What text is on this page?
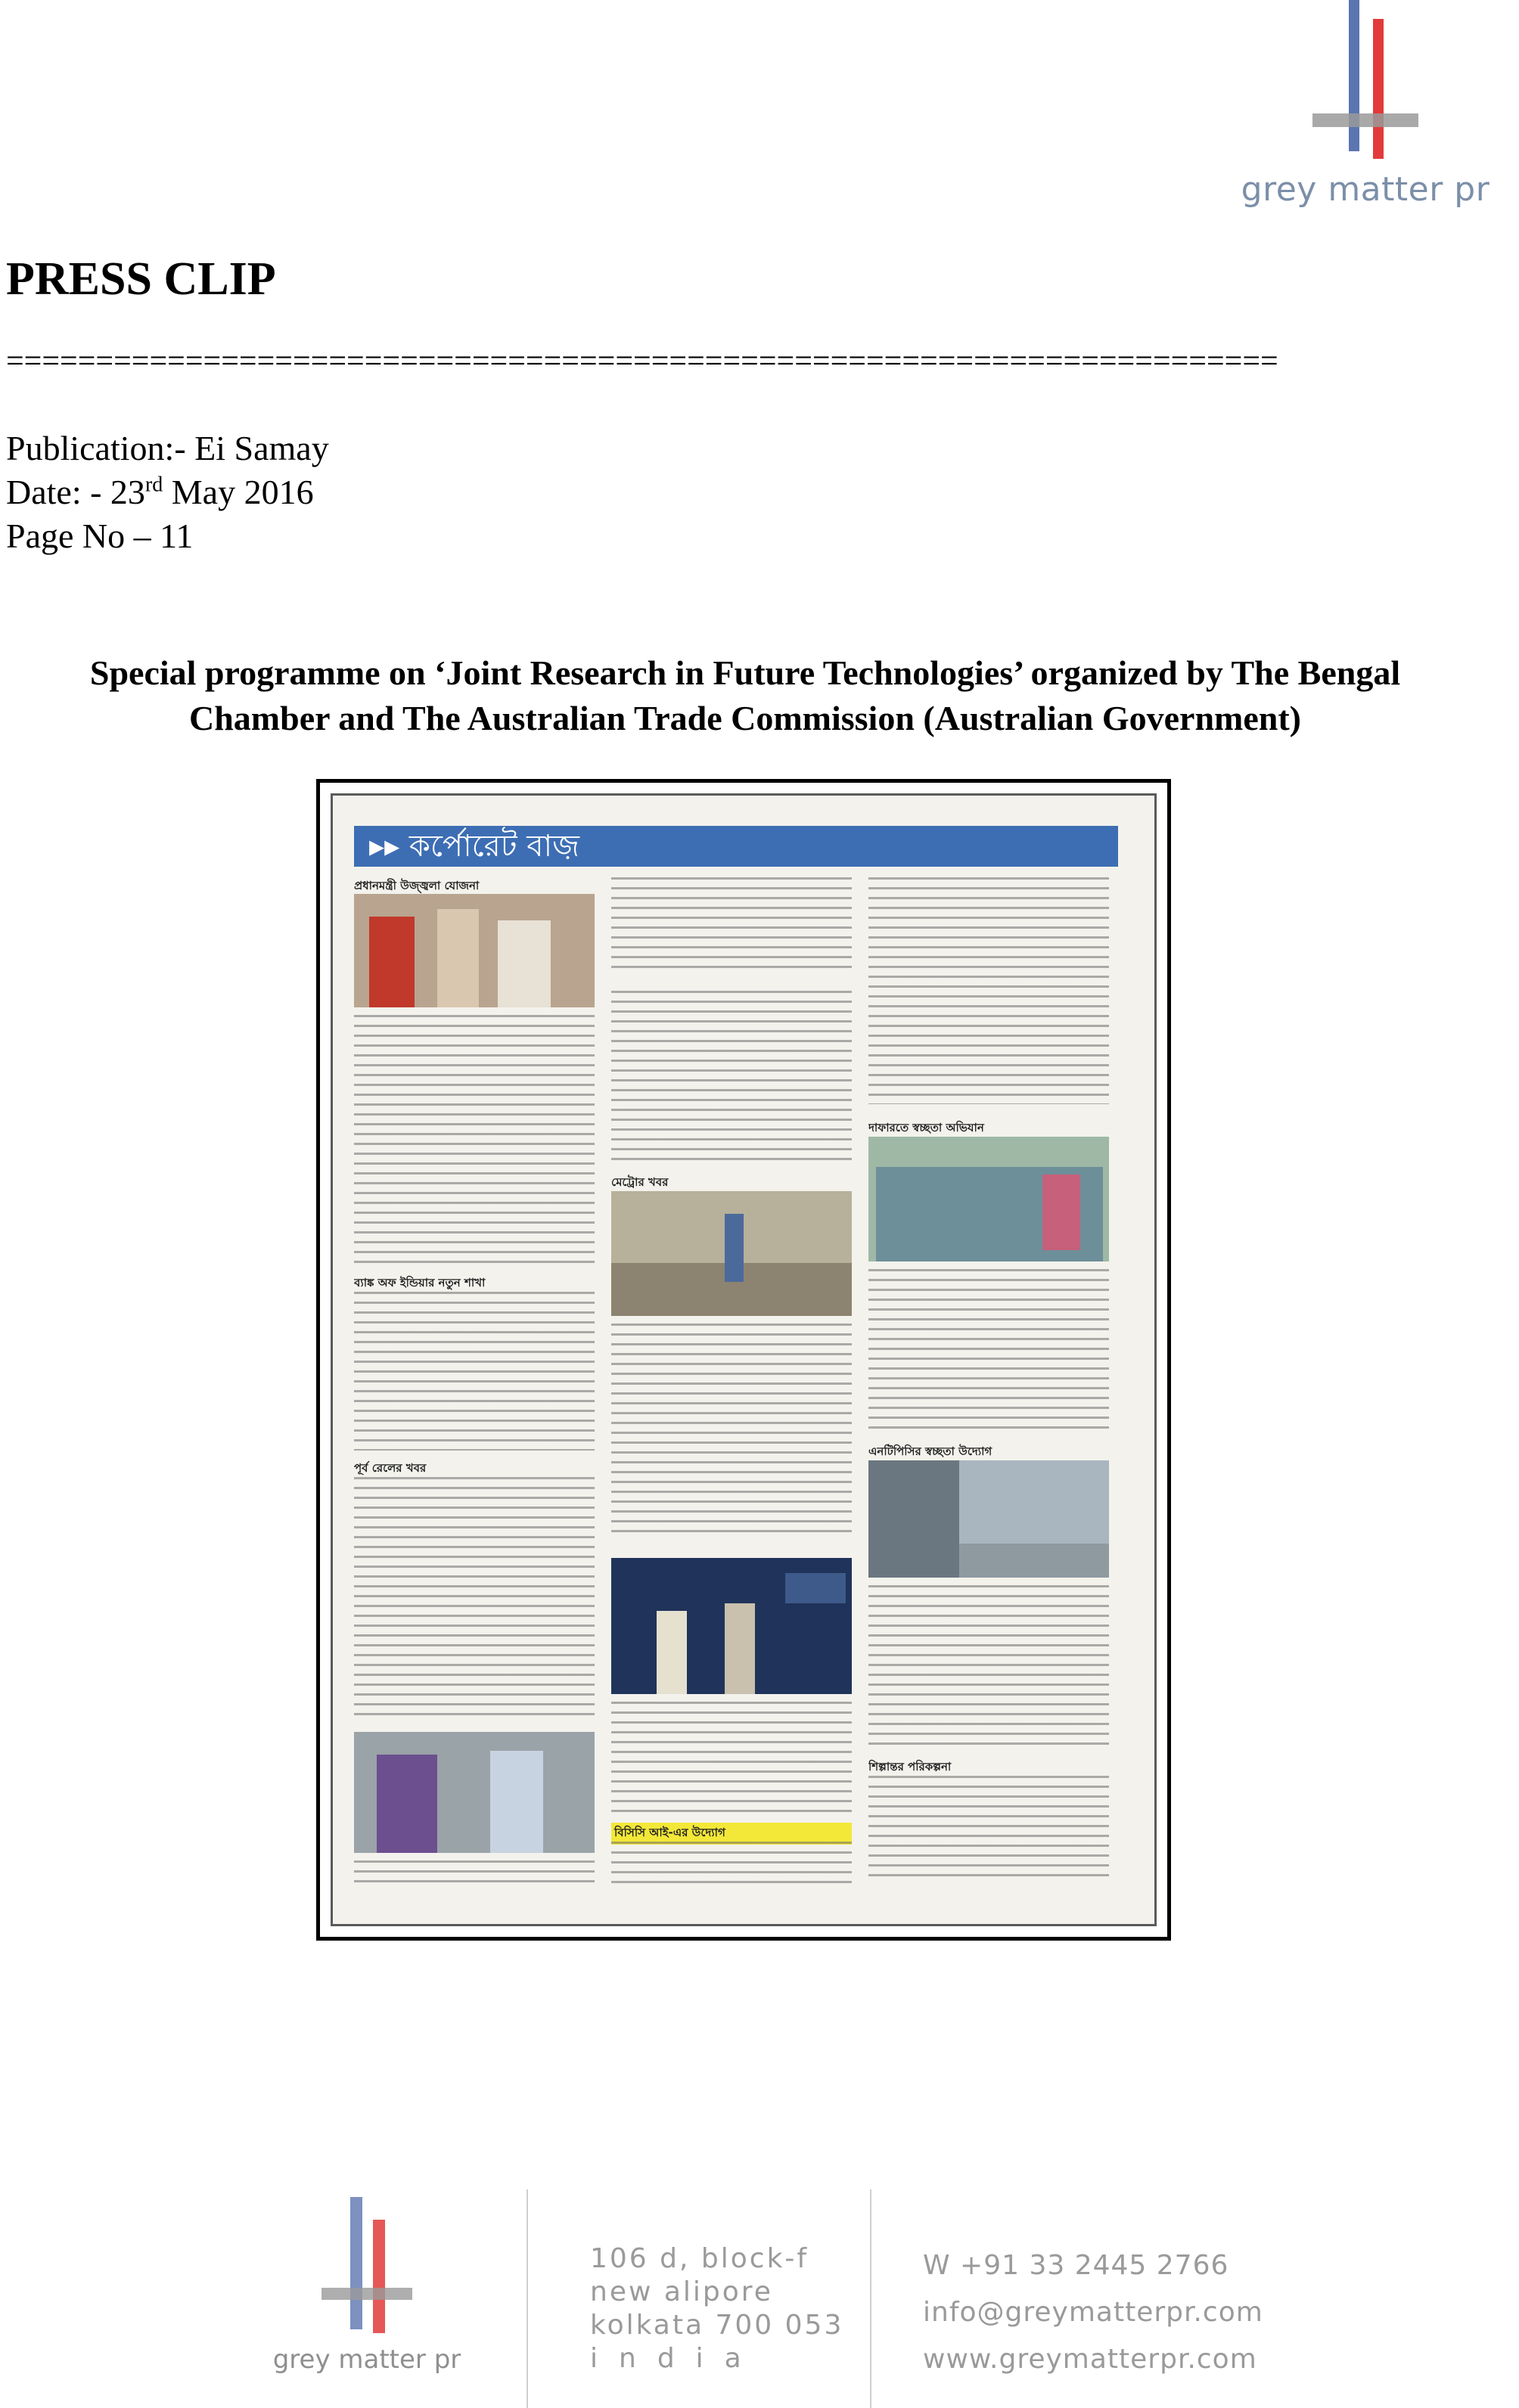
grey matter pr
PRESS CLIP
=======================================================================
Publication:- Ei Samay
Date: - 23rd May 2016
Page No – 11
Special programme on ‘Joint Research in Future Technologies’ organized by The Bengal
Chamber and The Australian Trade Commission (Australian Government)
▸▸ কর্পোরেট বাজ়
প্রধানমন্ত্রী উজ্জ্বলা যোজনা
ব্যাঙ্ক অফ ইন্ডিয়ার নতুন শাখা
পূর্ব রেলের খবর
মেট্রোর খবর
বিসিসি আই-এর উদ্যোগ
দাফারতে স্বচ্ছতা অভিযান
এনটিপিসির স্বচ্ছতা উদ্যোগ
শিল্পান্তর পরিকল্পনা
grey matter pr
106 d, block-f
new alipore
kolkata 700 053
india
W +91 33 2445 2766
info@greymatterpr.com
www.greymatterpr.com
